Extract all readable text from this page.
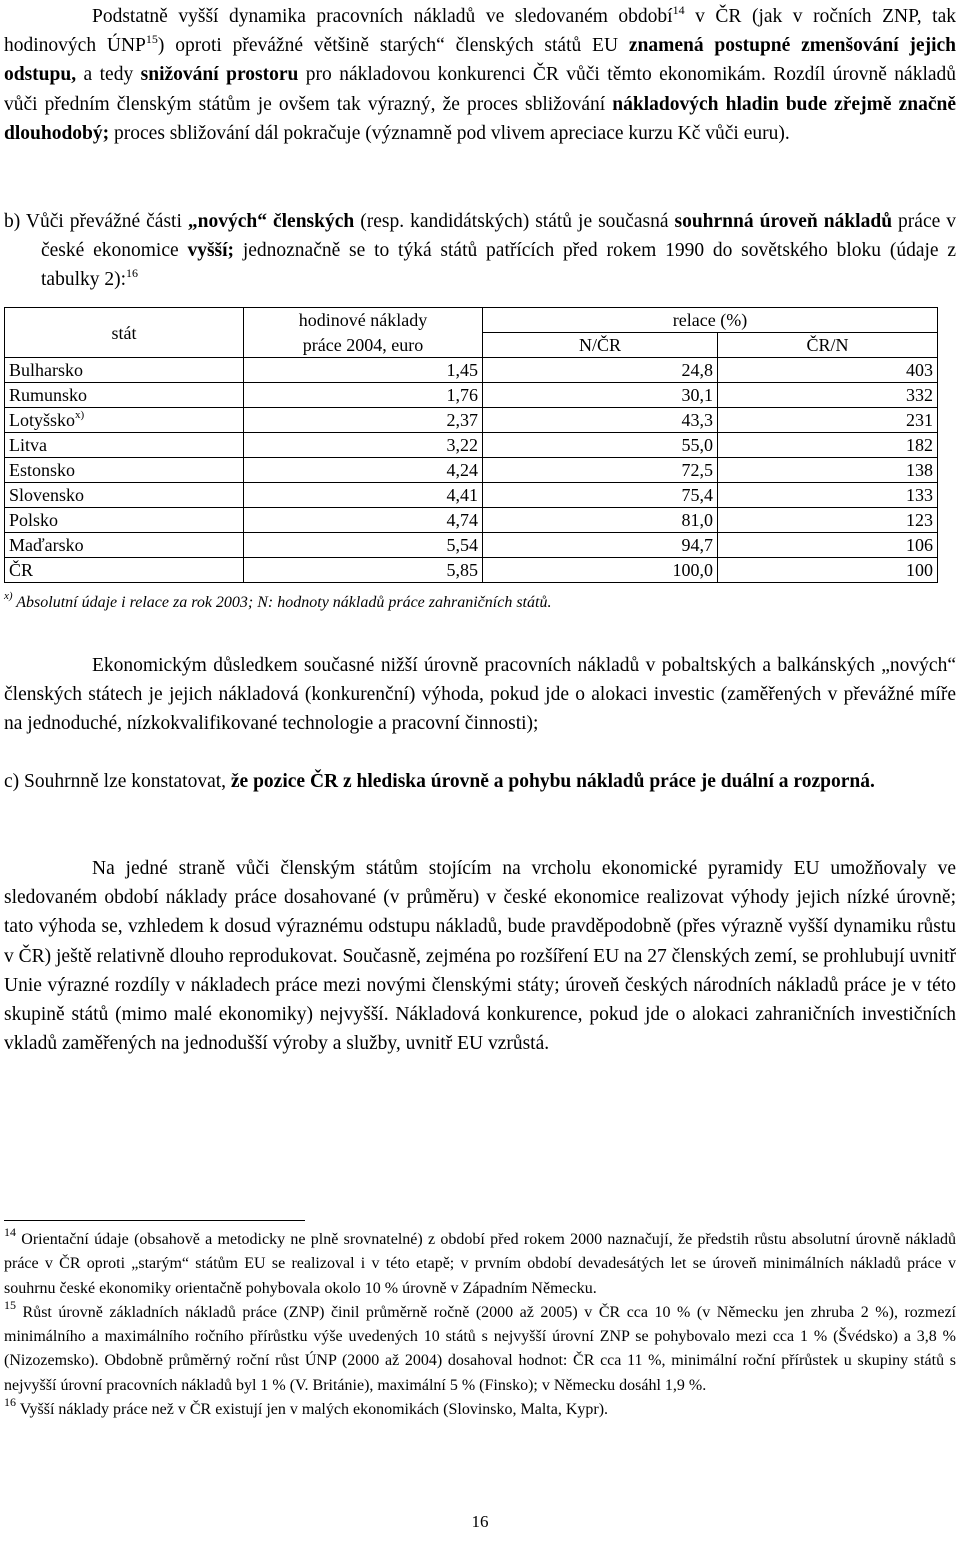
Podstatně vyšší dynamika pracovních nákladů ve sledovaném období$^{14}$ v ČR (jak v ročních ZNP, tak hodinových ÚNP$^{15}$) oproti převážné většině starých“ členských států EU znamená postupné zmenšování jejich odstupu, a tedy snižování prostoru pro nákladovou konkurenci ČR vůči těmto ekonomikám. Rozdíl úrovně nákladů vůči předním členským státům je ovšem tak výrazný, že proces sbližování nákladových hladin bude zřejmě značně dlouhodobý; proces sbližování dál pokračuje (významně pod vlivem apreciace kurzu Kč vůči euru).

b) Vůči převážné části „nových“ členských (resp. kandidátských) států je současná souhrnná úroveň nákladů práce v české ekonomice vyšší; jednoznačně se to týká států patřících před rokem 1990 do sovětského bloku (údaje z tabulky 2):$^{16}$

stát	hodinové náklady	relace (%)	
	práce 2004, euro	N/ČR	ČR/N
Bulharsko	1,45	24,8	403
Rumunsko	1,76	30,1	332
Lotyšsko$^{x)}$	2,37	43,3	231
Litva	3,22	55,0	182
Estonsko	4,24	72,5	138
Slovensko	4,41	75,4	133
Polsko	4,74	81,0	123
Maďarsko	5,54	94,7	106
ČR	5,85	100,0	100
$^{x)}$ Absolutní údaje i relace za rok 2003; N: hodnoty nákladů práce zahraničních států.

Ekonomickým důsledkem současné nižší úrovně pracovních nákladů v pobaltských a balkánských „nových“ členských státech je jejich nákladová (konkurenční) výhoda, pokud jde o alokaci investic (zaměřených v převážné míře na jednoduché, nízkokvalifikované technologie a pracovní činnosti);

c) Souhrnně lze konstatovat, že pozice ČR z hlediska úrovně a pohybu nákladů práce je duální a rozporná.

Na jedné straně vůči členským státům stojícím na vrcholu ekonomické pyramidy EU umožňovaly ve sledovaném období náklady práce dosahované (v průměru) v české ekonomice realizovat výhody jejich nízké úrovně; tato výhoda se, vzhledem k dosud výraznému odstupu nákladů, bude pravděpodobně (přes výrazně vyšší dynamiku růstu v ČR) ještě relativně dlouho reprodukovat. Současně, zejména po rozšíření EU na 27 členských zemí, se prohlubují uvnitř Unie výrazné rozdíly v nákladech práce mezi novými členskými státy; úroveň českých národních nákladů práce je v této skupině států (mimo malé ekonomiky) nejvyšší. Nákladová konkurence, pokud jde o alokaci zahraničních investičních vkladů zaměřených na jednodušší výroby a služby, uvnitř EU vzrůstá.

$^{14}$ Orientační údaje (obsahově a metodicky ne plně srovnatelné) z období před rokem 2000 naznačují, že předstih růstu absolutní úrovně nákladů práce v ČR oproti „starým“ státům EU se realizoval i v této etapě; v prvním období devadesátých let se úroveň minimálních nákladů práce v souhrnu české ekonomiky orientačně pohybovala okolo 10 % úrovně v Západním Německu.

$^{15}$ Růst úrovně základních nákladů práce (ZNP) činil průměrně ročně (2000 až 2005) v ČR cca 10 % (v Německu jen zhruba 2 %), rozmezí minimálního a maximálního ročního přírůstku výše uvedených 10 států s nejvyšší úrovní ZNP se pohybovalo mezi cca 1 % (Švédsko) a 3,8 % (Nizozemsko). Obdobně průměrný roční růst ÚNP (2000 až 2004) dosahoval hodnot: ČR cca 11 %, minimální roční přírůstek u skupiny států s nejvyšší úrovní pracovních nákladů byl 1 % (V. Británie), maximální 5 % (Finsko); v Německu dosáhl 1,9 %.

$^{16}$ Vyšší náklady práce než v ČR existují jen v malých ekonomikách (Slovinsko, Malta, Kypr).

16
